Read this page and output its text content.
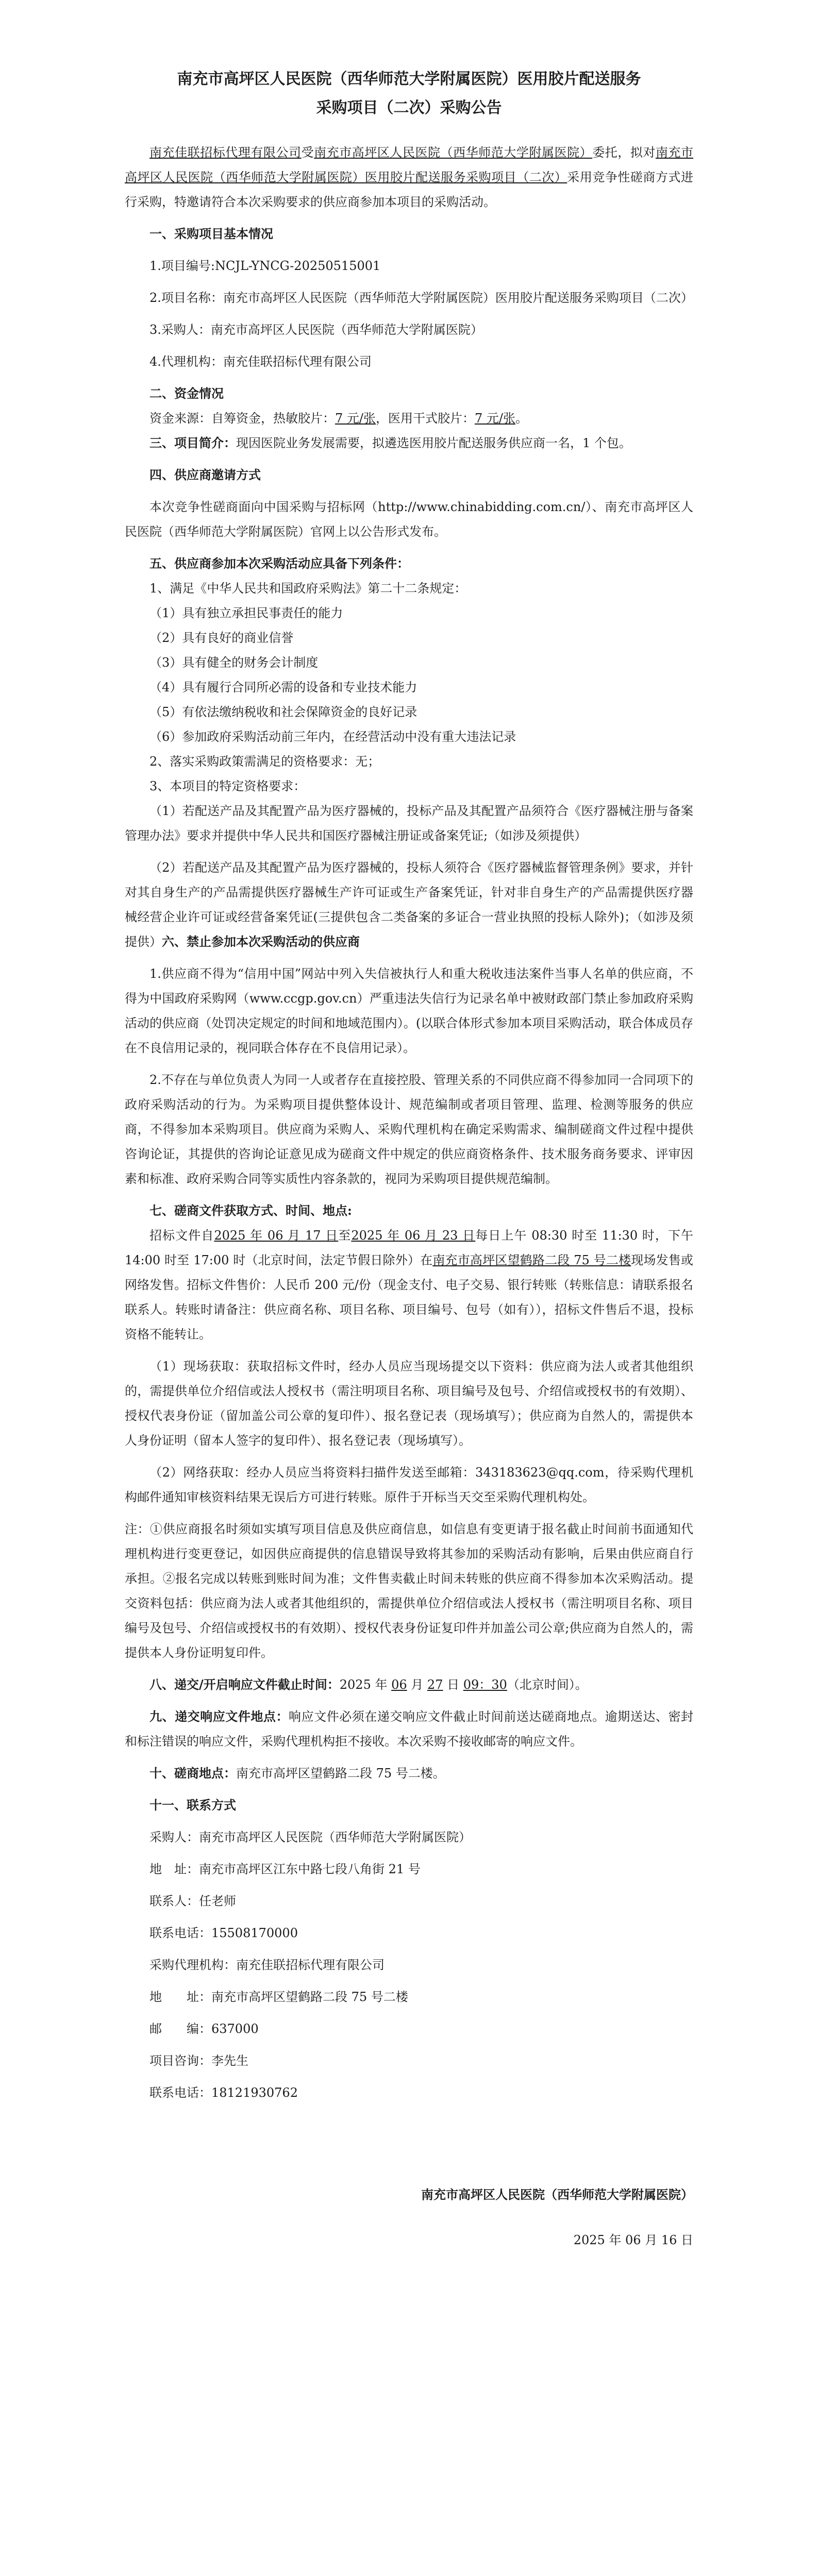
南充市高坪区人民医院（西华师范大学附属医院）医用胶片配送服务
采购项目（二次）采购公告

南充佳联招标代理有限公司受南充市高坪区人民医院（西华师范大学附属医院）委托，拟对南充市高坪区人民医院（西华师范大学附属医院）医用胶片配送服务采购项目（二次）采用竞争性磋商方式进行采购，特邀请符合本次采购要求的供应商参加本项目的采购活动。

一、采购项目基本情况

1.项目编号:NCJL-YNCG-20250515001

2.项目名称：南充市高坪区人民医院（西华师范大学附属医院）医用胶片配送服务采购项目（二次）

3.采购人：南充市高坪区人民医院（西华师范大学附属医院）

4.代理机构：南充佳联招标代理有限公司

二、资金情况

资金来源：自筹资金，热敏胶片：7 元/张，医用干式胶片：7 元/张。

三、项目简介：现因医院业务发展需要，拟遴选医用胶片配送服务供应商一名，1 个包。

四、供应商邀请方式

本次竞争性磋商面向中国采购与招标网（http://www.chinabidding.com.cn/）、南充市高坪区人民医院（西华师范大学附属医院）官网上以公告形式发布。

五、供应商参加本次采购活动应具备下列条件：

1、满足《中华人民共和国政府采购法》第二十二条规定：

（1）具有独立承担民事责任的能力

（2）具有良好的商业信誉

（3）具有健全的财务会计制度

（4）具有履行合同所必需的设备和专业技术能力

（5）有依法缴纳税收和社会保障资金的良好记录

（6）参加政府采购活动前三年内，在经营活动中没有重大违法记录

2、落实采购政策需满足的资格要求：无；

3、本项目的特定资格要求：

（1）若配送产品及其配置产品为医疗器械的，投标产品及其配置产品须符合《医疗器械注册与备案管理办法》要求并提供中华人民共和国医疗器械注册证或备案凭证;（如涉及须提供）

（2）若配送产品及其配置产品为医疗器械的，投标人须符合《医疗器械监督管理条例》要求，并针对其自身生产的产品需提供医疗器械生产许可证或生产备案凭证，针对非自身生产的产品需提供医疗器械经营企业许可证或经营备案凭证(三提供包含二类备案的多证合一营业执照的投标人除外)；（如涉及须提供）六、禁止参加本次采购活动的供应商

1.供应商不得为“信用中国”网站中列入失信被执行人和重大税收违法案件当事人名单的供应商，不得为中国政府采购网（www.ccgp.gov.cn）严重违法失信行为记录名单中被财政部门禁止参加政府采购活动的供应商（处罚决定规定的时间和地域范围内）。(以联合体形式参加本项目采购活动，联合体成员存在不良信用记录的，视同联合体存在不良信用记录）。

2.不存在与单位负责人为同一人或者存在直接控股、管理关系的不同供应商不得参加同一合同项下的政府采购活动的行为。为采购项目提供整体设计、规范编制或者项目管理、监理、检测等服务的供应商，不得参加本采购项目。供应商为采购人、采购代理机构在确定采购需求、编制磋商文件过程中提供咨询论证，其提供的咨询论证意见成为磋商文件中规定的供应商资格条件、技术服务商务要求、评审因素和标准、政府采购合同等实质性内容条款的，视同为采购项目提供规范编制。

七、磋商文件获取方式、时间、地点:

招标文件自2025 年 06 月 17 日至2025 年 06 月 23 日每日上午 08:30 时至 11:30 时，下午 14:00 时至 17:00 时（北京时间，法定节假日除外）在南充市高坪区望鹤路二段 75 号二楼现场发售或网络发售。招标文件售价：人民币 200 元/份（现金支付、电子交易、银行转账（转账信息：请联系报名联系人。转账时请备注：供应商名称、项目名称、项目编号、包号（如有）），招标文件售后不退，投标资格不能转让。

（1）现场获取：获取招标文件时，经办人员应当现场提交以下资料：供应商为法人或者其他组织的，需提供单位介绍信或法人授权书（需注明项目名称、项目编号及包号、介绍信或授权书的有效期）、授权代表身份证（留加盖公司公章的复印件）、报名登记表（现场填写）；供应商为自然人的，需提供本人身份证明（留本人签字的复印件）、报名登记表（现场填写）。

（2）网络获取：经办人员应当将资料扫描件发送至邮箱：343183623@qq.com，待采购代理机构邮件通知审核资料结果无误后方可进行转账。原件于开标当天交至采购代理机构处。

注：①供应商报名时须如实填写项目信息及供应商信息，如信息有变更请于报名截止时间前书面通知代理机构进行变更登记，如因供应商提供的信息错误导致将其参加的采购活动有影响，后果由供应商自行承担。②报名完成以转账到账时间为准；文件售卖截止时间未转账的供应商不得参加本次采购活动。提交资料包括：供应商为法人或者其他组织的，需提供单位介绍信或法人授权书（需注明项目名称、项目编号及包号、介绍信或授权书的有效期）、授权代表身份证复印件并加盖公司公章;供应商为自然人的，需提供本人身份证明复印件。

八、递交/开启响应文件截止时间：2025 年 06 月 27 日 09：30（北京时间）。

九、递交响应文件地点：响应文件必须在递交响应文件截止时间前送达磋商地点。逾期送达、密封和标注错误的响应文件，采购代理机构拒不接收。本次采购不接收邮寄的响应文件。

十、磋商地点：南充市高坪区望鹤路二段 75 号二楼。

十一、联系方式

采购人：南充市高坪区人民医院（西华师范大学附属医院）

地　址：南充市高坪区江东中路七段八角街 21 号

联系人：任老师

联系电话：15508170000

采购代理机构：南充佳联招标代理有限公司

地　　址：南充市高坪区望鹤路二段 75 号二楼

邮　　编：637000

项目咨询：李先生

联系电话：18121930762

南充市高坪区人民医院（西华师范大学附属医院）

2025 年 06 月 16 日
